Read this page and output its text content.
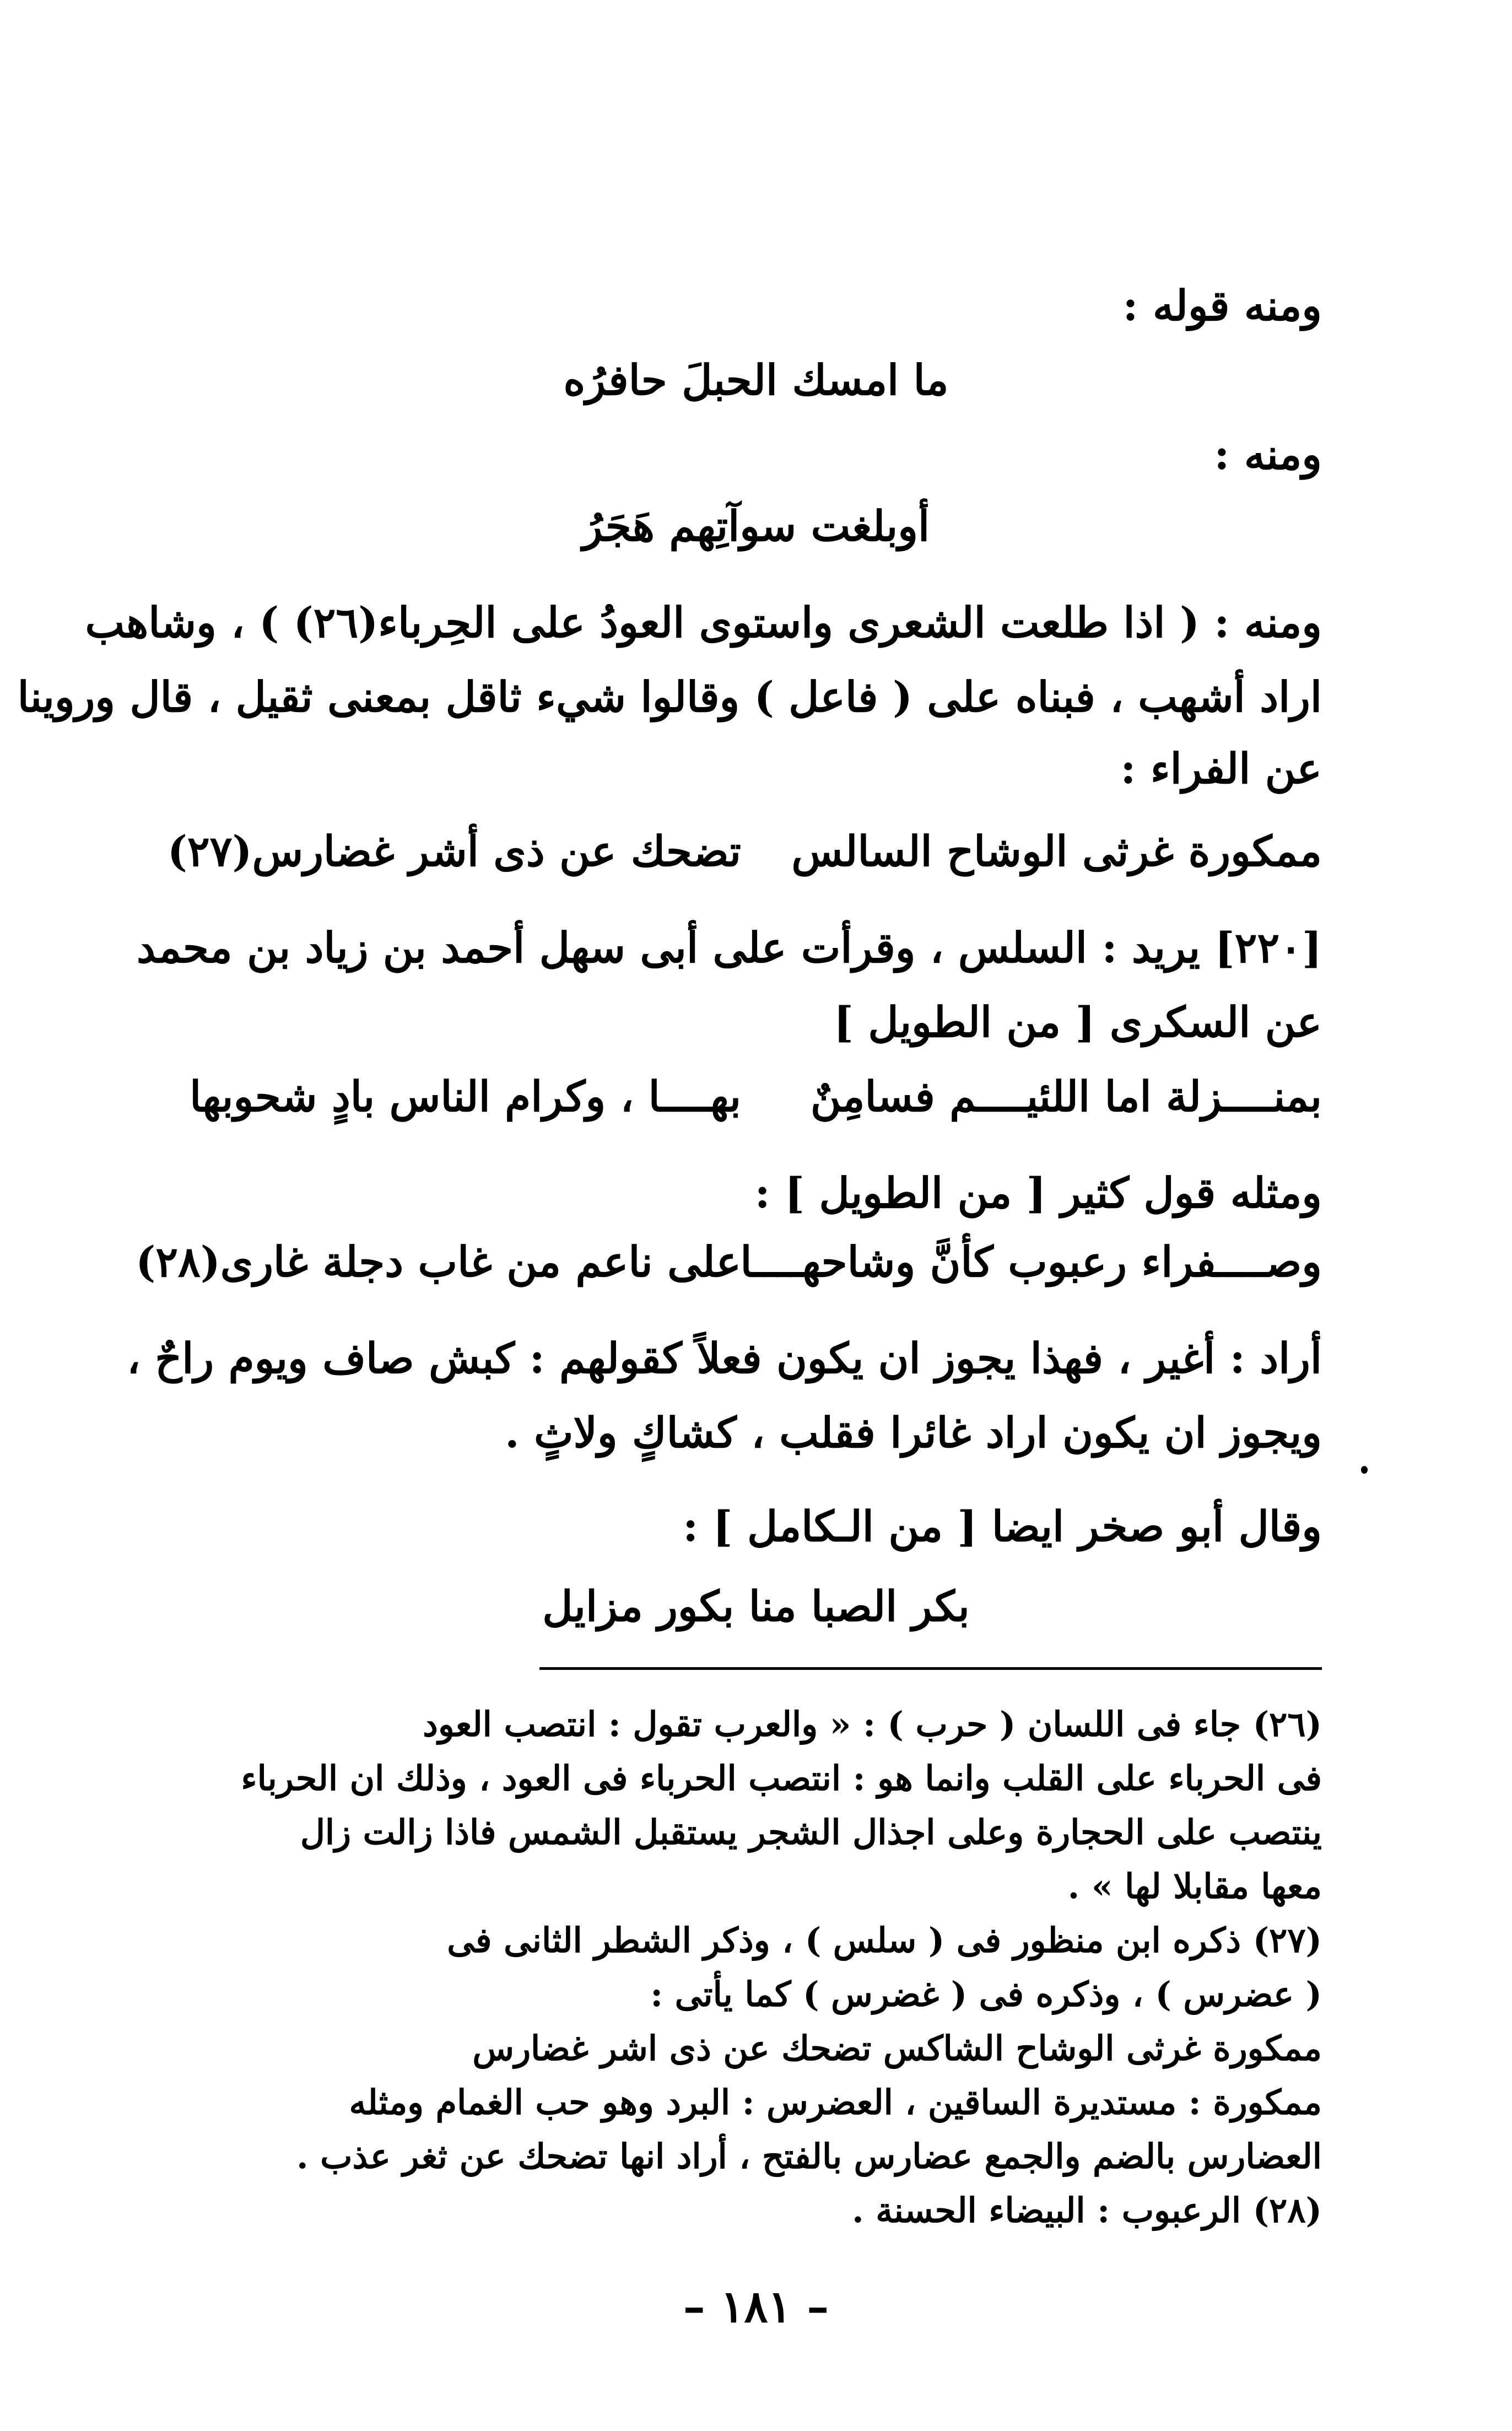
ومنه قوله :
ما امسك الحبلَ حافرُه
ومنه :
أوبلغت سوآتِهم هَجَرُ
ومنه : ( اذا طلعت الشعرى واستوى العودُ على الحِرباء(٢٦) ) ، وشاهب
اراد أشهب ، فبناه على ( فاعل ) وقالوا شيء ثاقل بمعنى ثقيل ، قال وروينا
عن الفراء :
ممكورة غرثى الوشاح السالس
تضحك عن ذى أشر غضارس(٢٧)
[٢٢٠] يريد : السلس ، وقرأت على أبى سهل أحمد بن زياد بن محمد
عن السكرى [ من الطويل ]
بمنــــزلة اما اللئيــــم فسامِنٌ
بهــــا ، وكرام الناس بادٍ شحوبها
ومثله قول كثير [ من الطويل ] :
وصــــفراء رعبوب كأنَّ وشاحهــــا
على ناعم من غاب دجلة غارى(٢٨)
أراد : أغير ، فهذا يجوز ان يكون فعلاً كقولهم : كبش صاف ويوم راحٌ ،
ويجوز ان يكون اراد غائرا فقلب ، كشاكٍ ولاثٍ .
وقال أبو صخر ايضا [ من الـكامل ] :
بكر الصبا منا بكور مزايل
(٢٦) جاء فى اللسان ( حرب ) : « والعرب تقول : انتصب العود
فى الحرباء على القلب وانما هو : انتصب الحرباء فى العود ، وذلك ان الحرباء
ينتصب على الحجارة وعلى اجذال الشجر يستقبل الشمس فاذا زالت زال
معها مقابلا لها » .
(٢٧) ذكره ابن منظور فى ( سلس ) ، وذكر الشطر الثانى فى
( عضرس ) ، وذكره فى ( غضرس ) كما يأتى :
ممكورة غرثى الوشاح الشاكس تضحك عن ذى اشر غضارس
ممكورة : مستديرة الساقين ، العضرس : البرد وهو حب الغمام ومثله
العضارس بالضم والجمع عضارس بالفتح ، أراد انها تضحك عن ثغر عذب .
(٢٨) الرعبوب : البيضاء الحسنة .
– ١٨١ –
